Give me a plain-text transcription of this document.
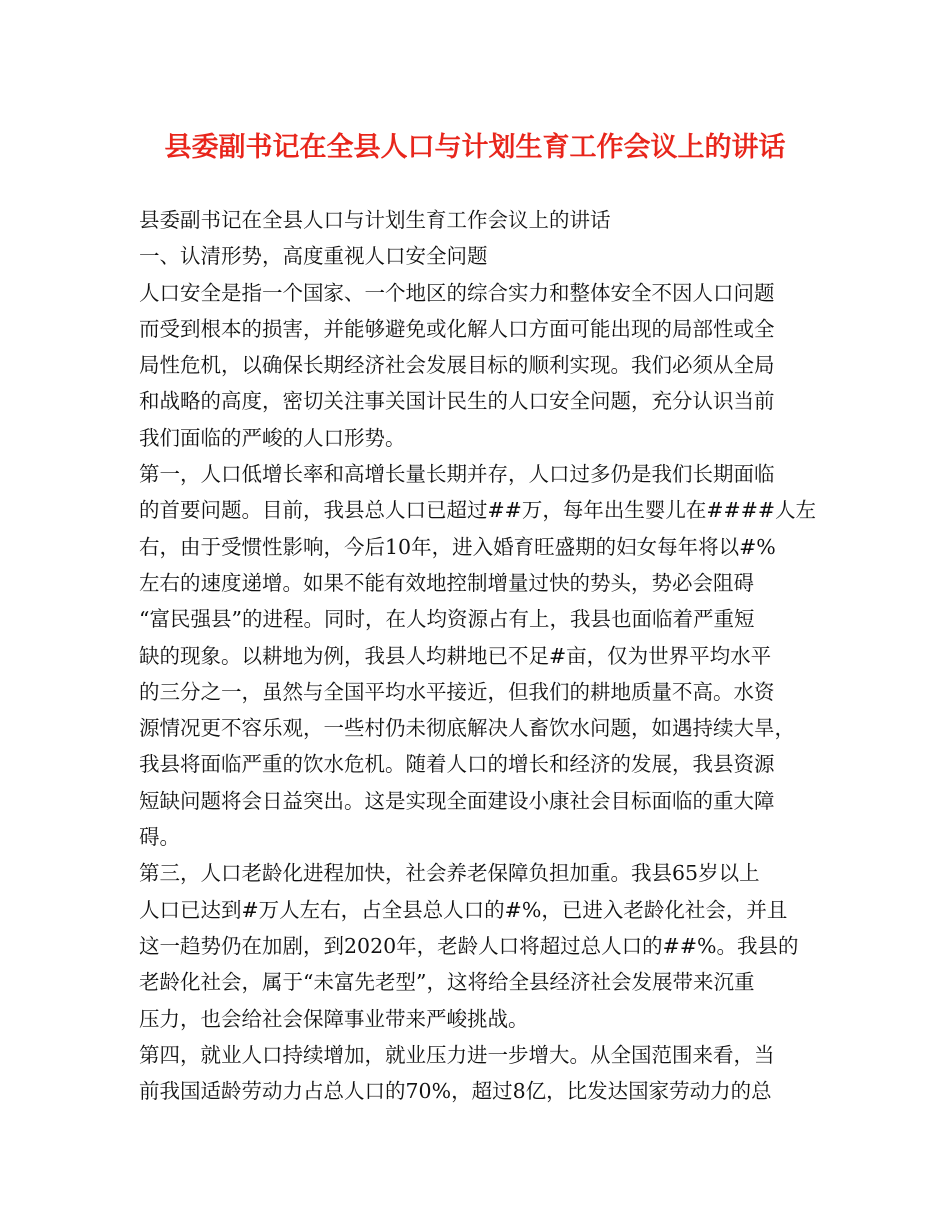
县委副书记在全县人口与计划生育工作会议上的讲话
县委副书记在全县人口与计划生育工作会议上的讲话
一、认清形势，高度重视人口安全问题
人口安全是指一个国家、一个地区的综合实力和整体安全不因人口问题
而受到根本的损害，并能够避免或化解人口方面可能出现的局部性或全
局性危机，以确保长期经济社会发展目标的顺利实现。我们必须从全局
和战略的高度，密切关注事关国计民生的人口安全问题，充分认识当前
我们面临的严峻的人口形势。
第一，人口低增长率和高增长量长期并存，人口过多仍是我们长期面临
的首要问题。目前，我县总人口已超过##万，每年出生婴儿在####人左
右，由于受惯性影响，今后10年，进入婚育旺盛期的妇女每年将以#%
左右的速度递增。如果不能有效地控制增量过快的势头，势必会阻碍
“富民强县”的进程。同时，在人均资源占有上，我县也面临着严重短
缺的现象。以耕地为例，我县人均耕地已不足#亩，仅为世界平均水平
的三分之一，虽然与全国平均水平接近，但我们的耕地质量不高。水资
源情况更不容乐观，一些村仍未彻底解决人畜饮水问题，如遇持续大旱，
我县将面临严重的饮水危机。随着人口的增长和经济的发展，我县资源
短缺问题将会日益突出。这是实现全面建设小康社会目标面临的重大障
碍。
第三，人口老龄化进程加快，社会养老保障负担加重。我县65岁以上
人口已达到#万人左右，占全县总人口的#%，已进入老龄化社会，并且
这一趋势仍在加剧，到2020年，老龄人口将超过总人口的##%。我县的
老龄化社会，属于“未富先老型”，这将给全县经济社会发展带来沉重
压力，也会给社会保障事业带来严峻挑战。
第四，就业人口持续增加，就业压力进一步增大。从全国范围来看，当
前我国适龄劳动力占总人口的70%，超过8亿，比发达国家劳动力的总
